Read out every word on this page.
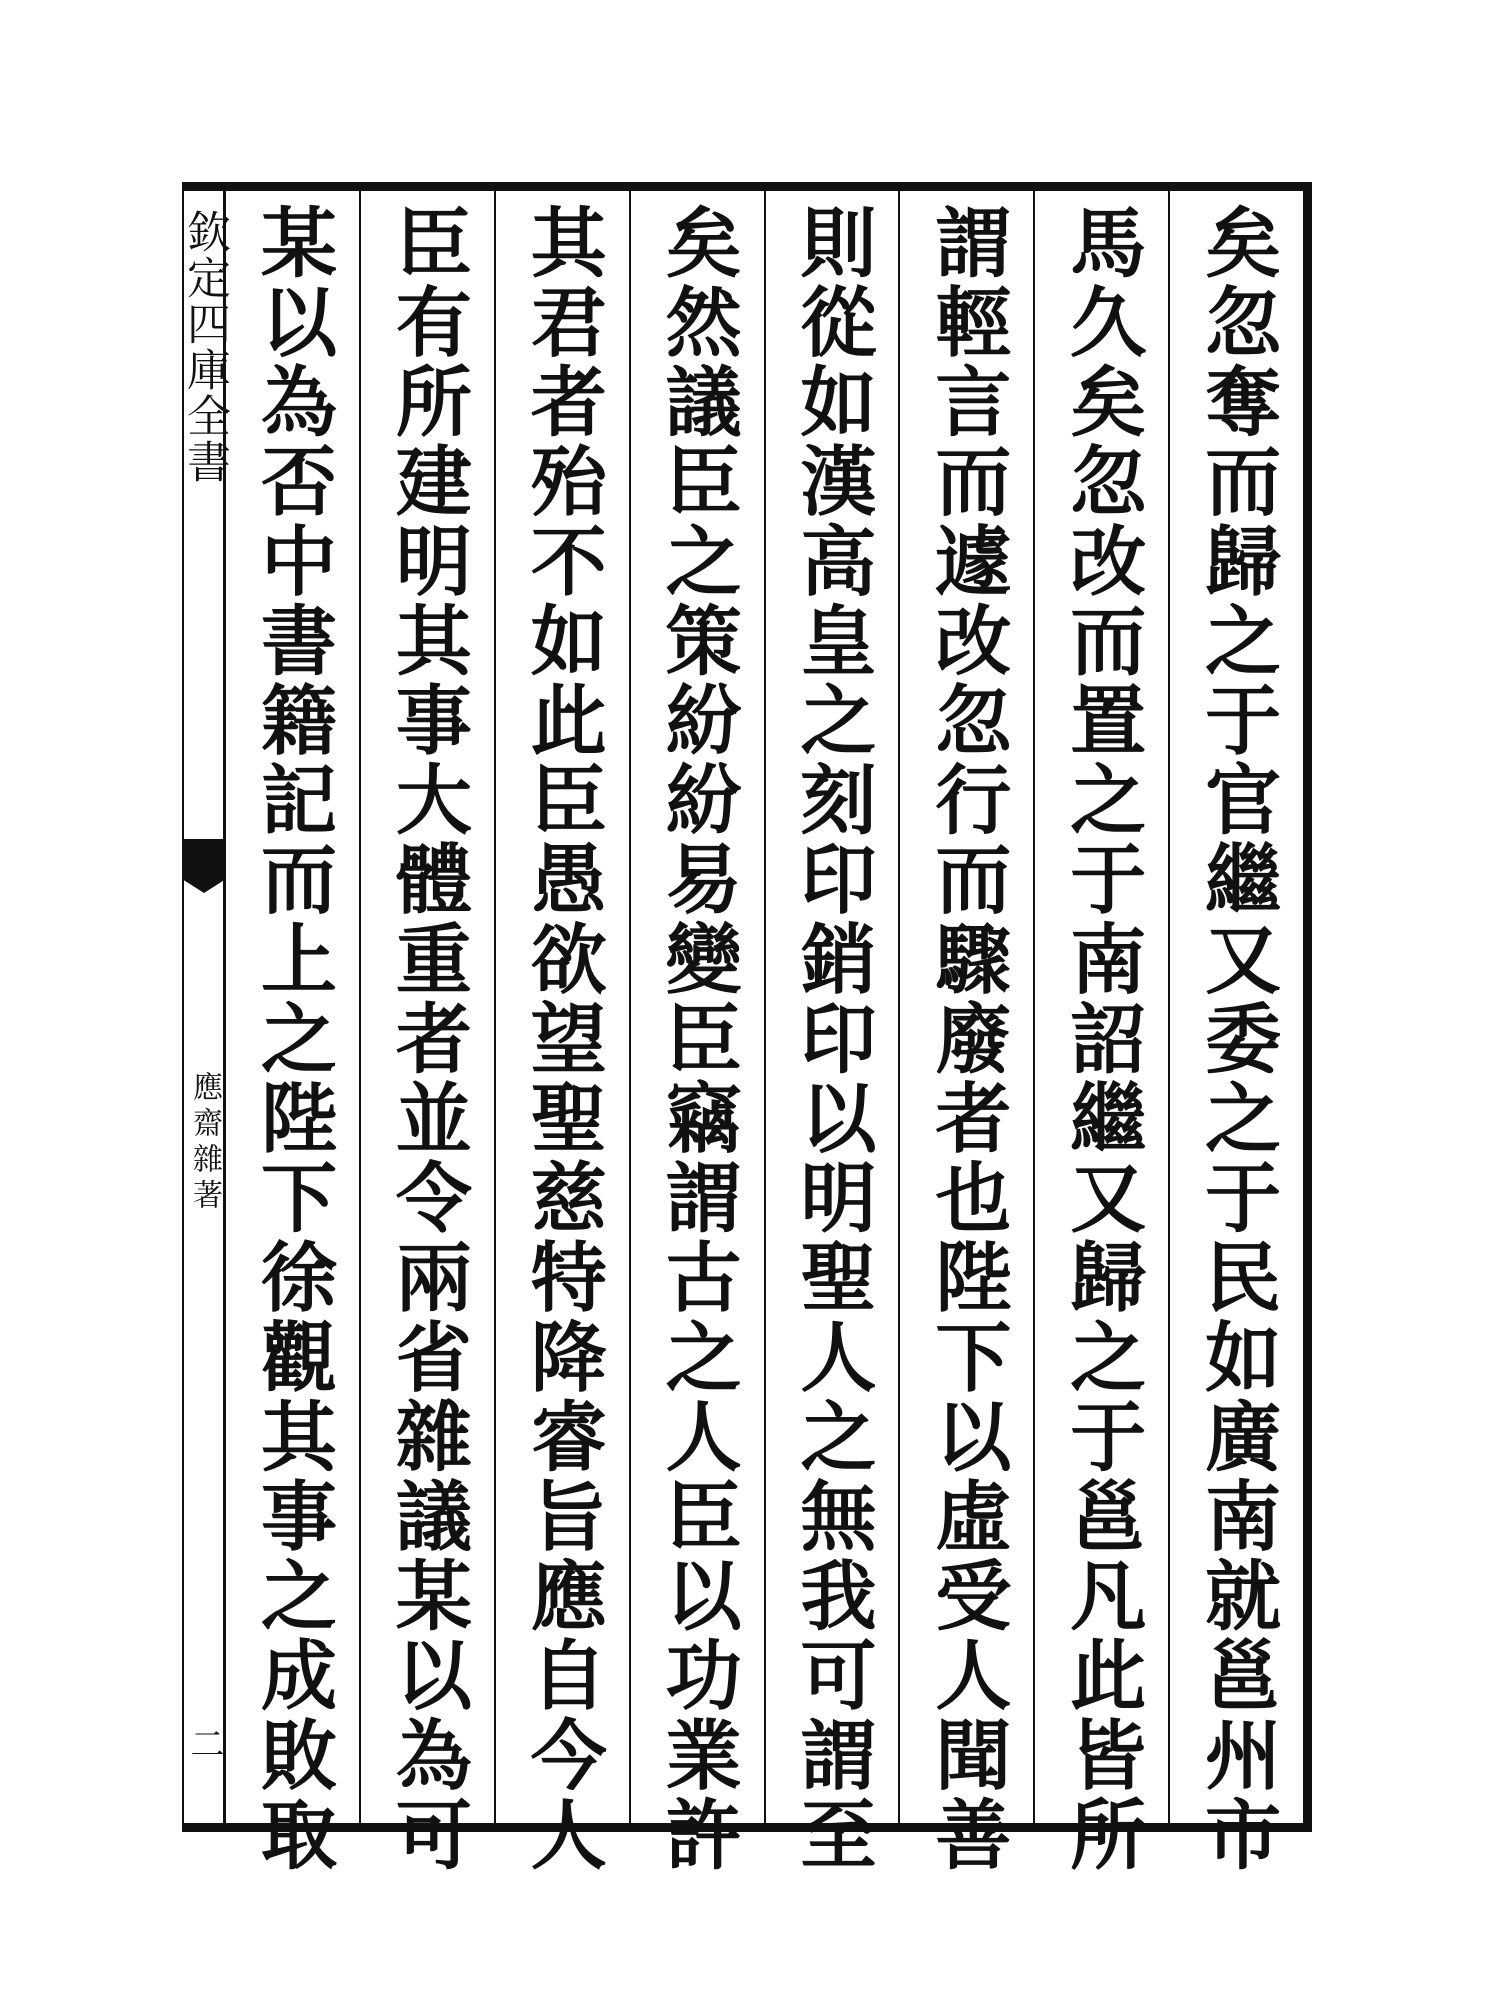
欽定四庫全書
應齋雜著
二	矣忽奪而歸之于官繼又委之于民如廣南就邕州市
馬久矣忽改而置之于南詔繼又歸之于邕凡此皆所
謂輕言而遽改忽行而驟廢者也陛下以虛受人聞善
則從如漢高皇之刻印銷印以明聖人之無我可謂至
矣然議臣之策紛紛易變臣竊謂古之人臣以功業許
其君者殆不如此臣愚欲望聖慈特降睿旨應自今人
臣有所建明其事大體重者並令兩省雜議某以為可
某以為否中書籍記而上之陛下徐觀其事之成敗取
